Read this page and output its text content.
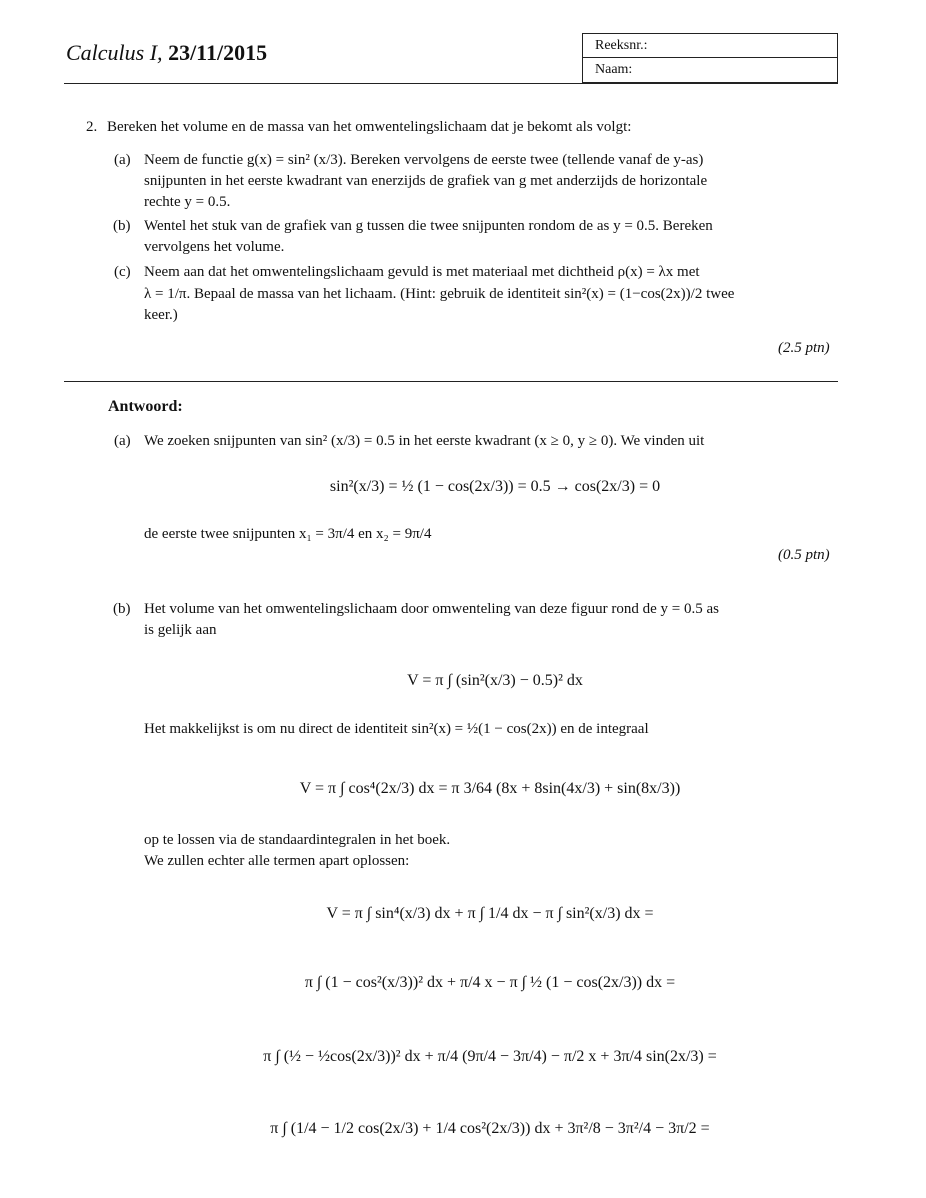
Calculus I, 23/11/2015	Reeksnr.:
Naam:
2. Bereken het volume en de massa van het omwentelingslichaam dat je bekomt als volgt:
(a) Neem de functie g(x) = sin² (x/3). Bereken vervolgens de eerste twee (tellende vanaf de y-as)
snijpunten in het eerste kwadrant van enerzijds de grafiek van g met anderzijds de horizontale
rechte y = 0.5.
(b) Wentel het stuk van de grafiek van g tussen die twee snijpunten rondom de as y = 0.5. Bereken
vervolgens het volume.
(c) Neem aan dat het omwentelingslichaam gevuld is met materiaal met dichtheid ρ(x) = λx met
λ = 1/π. Bepaal de massa van het lichaam. (Hint: gebruik de identiteit sin²(x) = (1−cos(2x))/2 twee
keer.)
(2.5 ptn)
Antwoord:
(a) We zoeken snijpunten van sin² (x/3) = 0.5 in het eerste kwadrant (x ≥ 0, y ≥ 0). We vinden uit
sin²(x/3) = ½ (1 − cos(2x/3)) = 0.5 → cos(2x/3) = 0
de eerste twee snijpunten x₁ = 3π/4 en x₂ = 9π/4
(0.5 ptn)
(b) Het volume van het omwentelingslichaam door omwenteling van deze figuur rond de y = 0.5 as
is gelijk aan
V = π ∫ (sin²(x/3) − 0.5)² dx
Het makkelijkst is om nu direct de identiteit sin²(x) = ½(1 − cos(2x)) en de integraal
V = π ∫ cos⁴(2x/3) dx = π 3/64 (8x + 8sin(4x/3) + sin(8x/3))
op te lossen via de standaardintegralen in het boek.
We zullen echter alle termen apart oplossen:
V = π ∫ sin⁴(x/3) dx + π ∫ 1/4 dx − π ∫ sin²(x/3) dx =
π ∫ (1 − cos²(x/3))² dx + π/4 x − π ∫ ½ (1 − cos(2x/3)) dx =
π ∫ (½ − ½cos(2x/3))² dx + π/4 (9π/4 − 3π/4) − π/2 x + 3π/4 sin(2x/3) =
π ∫ (1/4 − 1/2 cos(2x/3) + 1/4 cos²(2x/3)) dx + 3π²/8 − 3π²/4 − 3π/2 =
